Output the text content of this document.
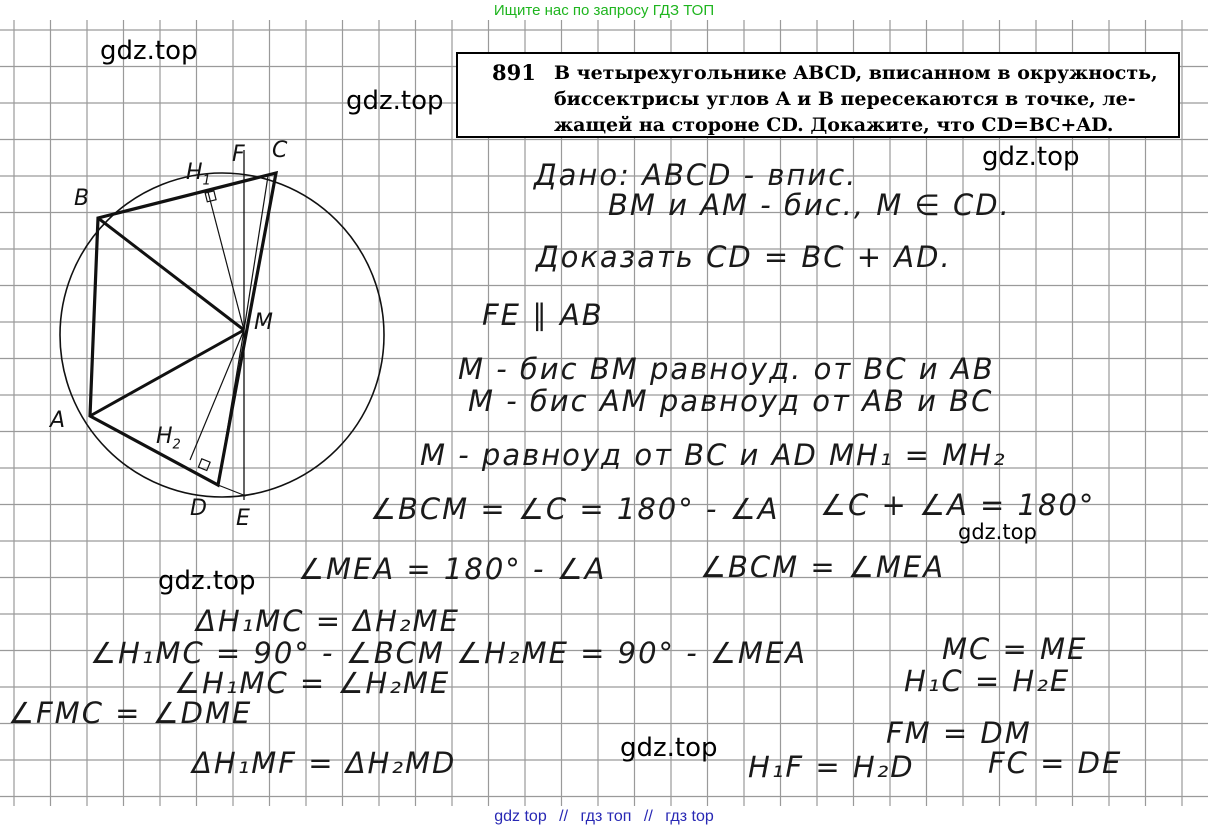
Ищите нас по запросу ГДЗ ТОП
gdz.top
gdz.top
gdz.top
gdz.top
gdz.top
gdz.top
891 В четырехугольнике ABCD, вписанном в окружность,
биссектрисы углов A и B пересекаются в точке, ле-
жащей на стороне CD. Докажите, что CD=BC+AD.
B
F C
$H_1$
M
A
$H_2$
D E
Дано: ABCD - впис.
BM и AM - бис., M ∈ CD.
Доказать CD = BC + AD.
FE ∥ AB
M - бис BM равноуд. от BC и AB
M - бис AM равноуд от AB и BC
M - равноуд от BC и AD MH₁ = MH₂
∠BCM = ∠C = 180° - ∠A ∠C + ∠A = 180°
∠MEA = 180° - ∠A	∠BCM = ∠MEA
ΔH₁MC = ΔH₂ME
∠H₁MC = 90° - ∠BCM ∠H₂ME = 90° - ∠MEA	MC = ME
∠H₁MC = ∠H₂ME	H₁C = H₂E
∠FMC = ∠DME
FM = DM
ΔH₁MF = ΔH₂MD	H₁F = H₂D	FC = DE
gdz top // гдз топ // гдз top
